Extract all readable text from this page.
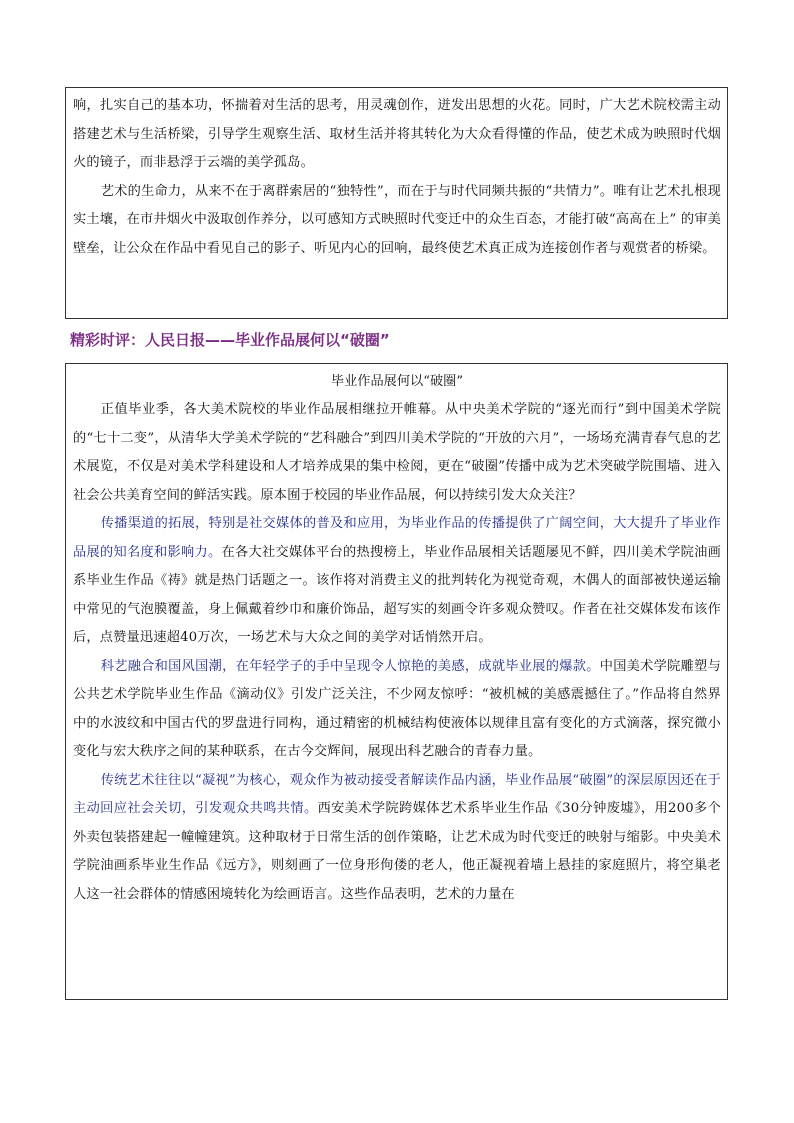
响，扎实自己的基本功，怀揣着对生活的思考，用灵魂创作，迸发出思想的火花。同时，广大艺术院校需主动搭建艺术与生活桥梁，引导学生观察生活、取材生活并将其转化为大众看得懂的作品，使艺术成为映照时代烟火的镜子，而非悬浮于云端的美学孤岛。

艺术的生命力，从来不在于离群索居的“独特性”，而在于与时代同频共振的“共情力”。唯有让艺术扎根现实土壤，在市井烟火中汲取创作养分，以可感知方式映照时代变迁中的众生百态，才能打破“高高在上” 的审美壁垒，让公众在作品中看见自己的影子、听见内心的回响，最终使艺术真正成为连接创作者与观赏者的桥梁。

精彩时评：人民日报——毕业作品展何以“破圈”
毕业作品展何以“破圈”

正值毕业季，各大美术院校的毕业作品展相继拉开帷幕。从中央美术学院的“逐光而行”到中国美术学院的“七十二变”，从清华大学美术学院的“艺科融合”到四川美术学院的“开放的六月”，一场场充满青春气息的艺术展览，不仅是对美术学科建设和人才培养成果的集中检阅，更在“破圈”传播中成为艺术突破学院围墙、进入社会公共美育空间的鲜活实践。原本囿于校园的毕业作品展，何以持续引发大众关注？

传播渠道的拓展，特别是社交媒体的普及和应用，为毕业作品的传播提供了广阔空间，大大提升了毕业作品展的知名度和影响力。在各大社交媒体平台的热搜榜上，毕业作品展相关话题屡见不鲜，四川美术学院油画系毕业生作品《祷》就是热门话题之一。该作将对消费主义的批判转化为视觉奇观，木偶人的面部被快递运输中常见的气泡膜覆盖，身上佩戴着纱巾和廉价饰品，超写实的刻画令许多观众赞叹。作者在社交媒体发布该作后，点赞量迅速超40万次，一场艺术与大众之间的美学对话悄然开启。

科艺融合和国风国潮，在年轻学子的手中呈现令人惊艳的美感，成就毕业展的爆款。中国美术学院雕塑与公共艺术学院毕业生作品《滴动仪》引发广泛关注，不少网友惊呼：“被机械的美感震撼住了。”作品将自然界中的水波纹和中国古代的罗盘进行同构，通过精密的机械结构使液体以规律且富有变化的方式滴落，探究微小变化与宏大秩序之间的某种联系，在古今交辉间，展现出科艺融合的青春力量。

传统艺术往往以“凝视”为核心，观众作为被动接受者解读作品内涵，毕业作品展“破圈”的深层原因还在于主动回应社会关切，引发观众共鸣共情。西安美术学院跨媒体艺术系毕业生作品《30分钟废墟》，用200多个外卖包装搭建起一幢幢建筑。这种取材于日常生活的创作策略，让艺术成为时代变迁的映射与缩影。中央美术学院油画系毕业生作品《远方》，则刻画了一位身形佝偻的老人，他正凝视着墙上悬挂的家庭照片，将空巢老人这一社会群体的情感困境转化为绘画语言。这些作品表明，艺术的力量在
